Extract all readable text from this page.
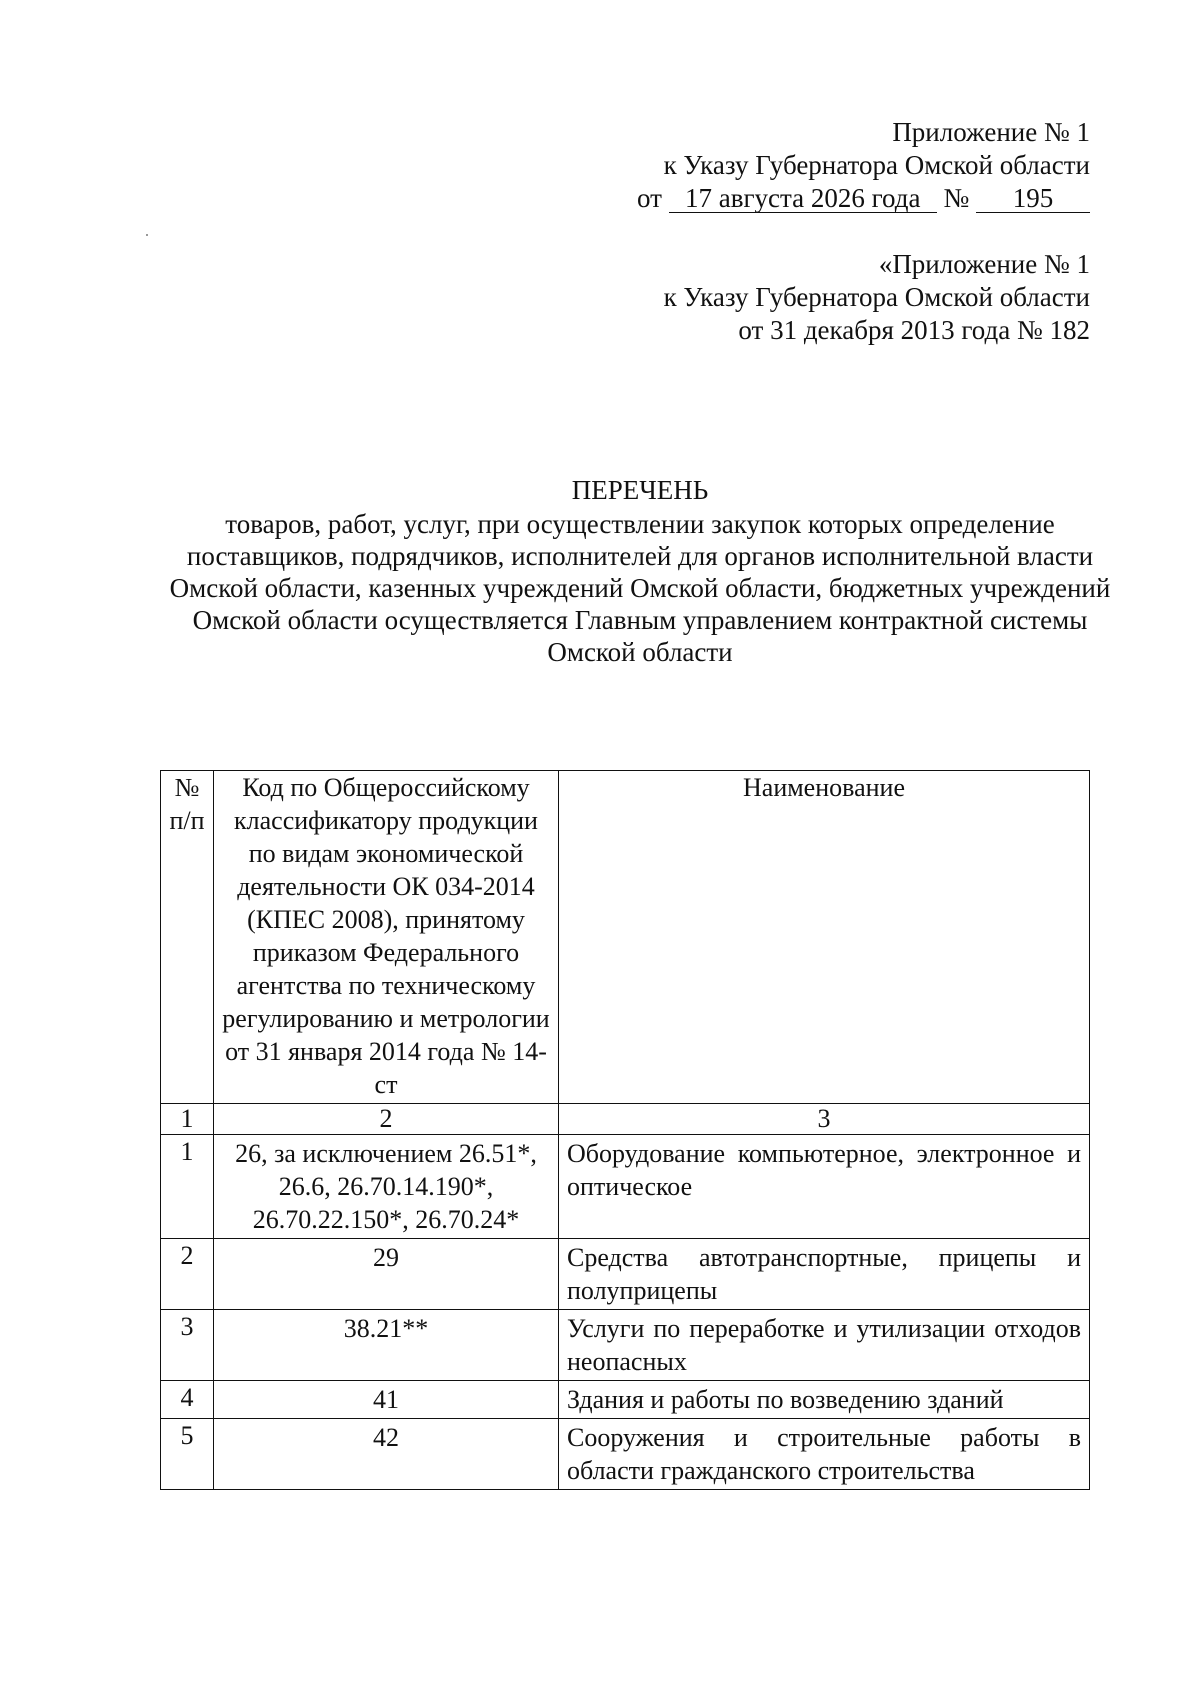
Приложение № 1
к Указу Губернатора Омской области
от 17 августа 2026 года № 195
«Приложение № 1
к Указу Губернатора Омской области
от 31 декабря 2013 года № 182
ПЕРЕЧЕНЬ
товаров, работ, услуг, при осуществлении закупок которых определение поставщиков, подрядчиков, исполнителей для органов исполнительной власти Омской области, казенных учреждений Омской области, бюджетных учреждений Омской области осуществляется Главным управлением контрактной системы Омской области
№ п/п	Код по Общероссийскому классификатору продукции по видам экономической деятельности ОК 034-2014 (КПЕС 2008), принятому приказом Федерального агентства по техническому регулированию и метрологии от 31 января 2014 года № 14-ст	Наименование
1	2	3
1	26, за исключением 26.51*, 26.6, 26.70.14.190*, 26.70.22.150*, 26.70.24*	Оборудование компьютерное, электронное и оптическое
2	29	Средства автотранспортные, прицепы и полуприцепы
3	38.21**	Услуги по переработке и утилизации отходов неопасных
4	41	Здания и работы по возведению зданий
5	42	Сооружения и строительные работы в области гражданского строительства
